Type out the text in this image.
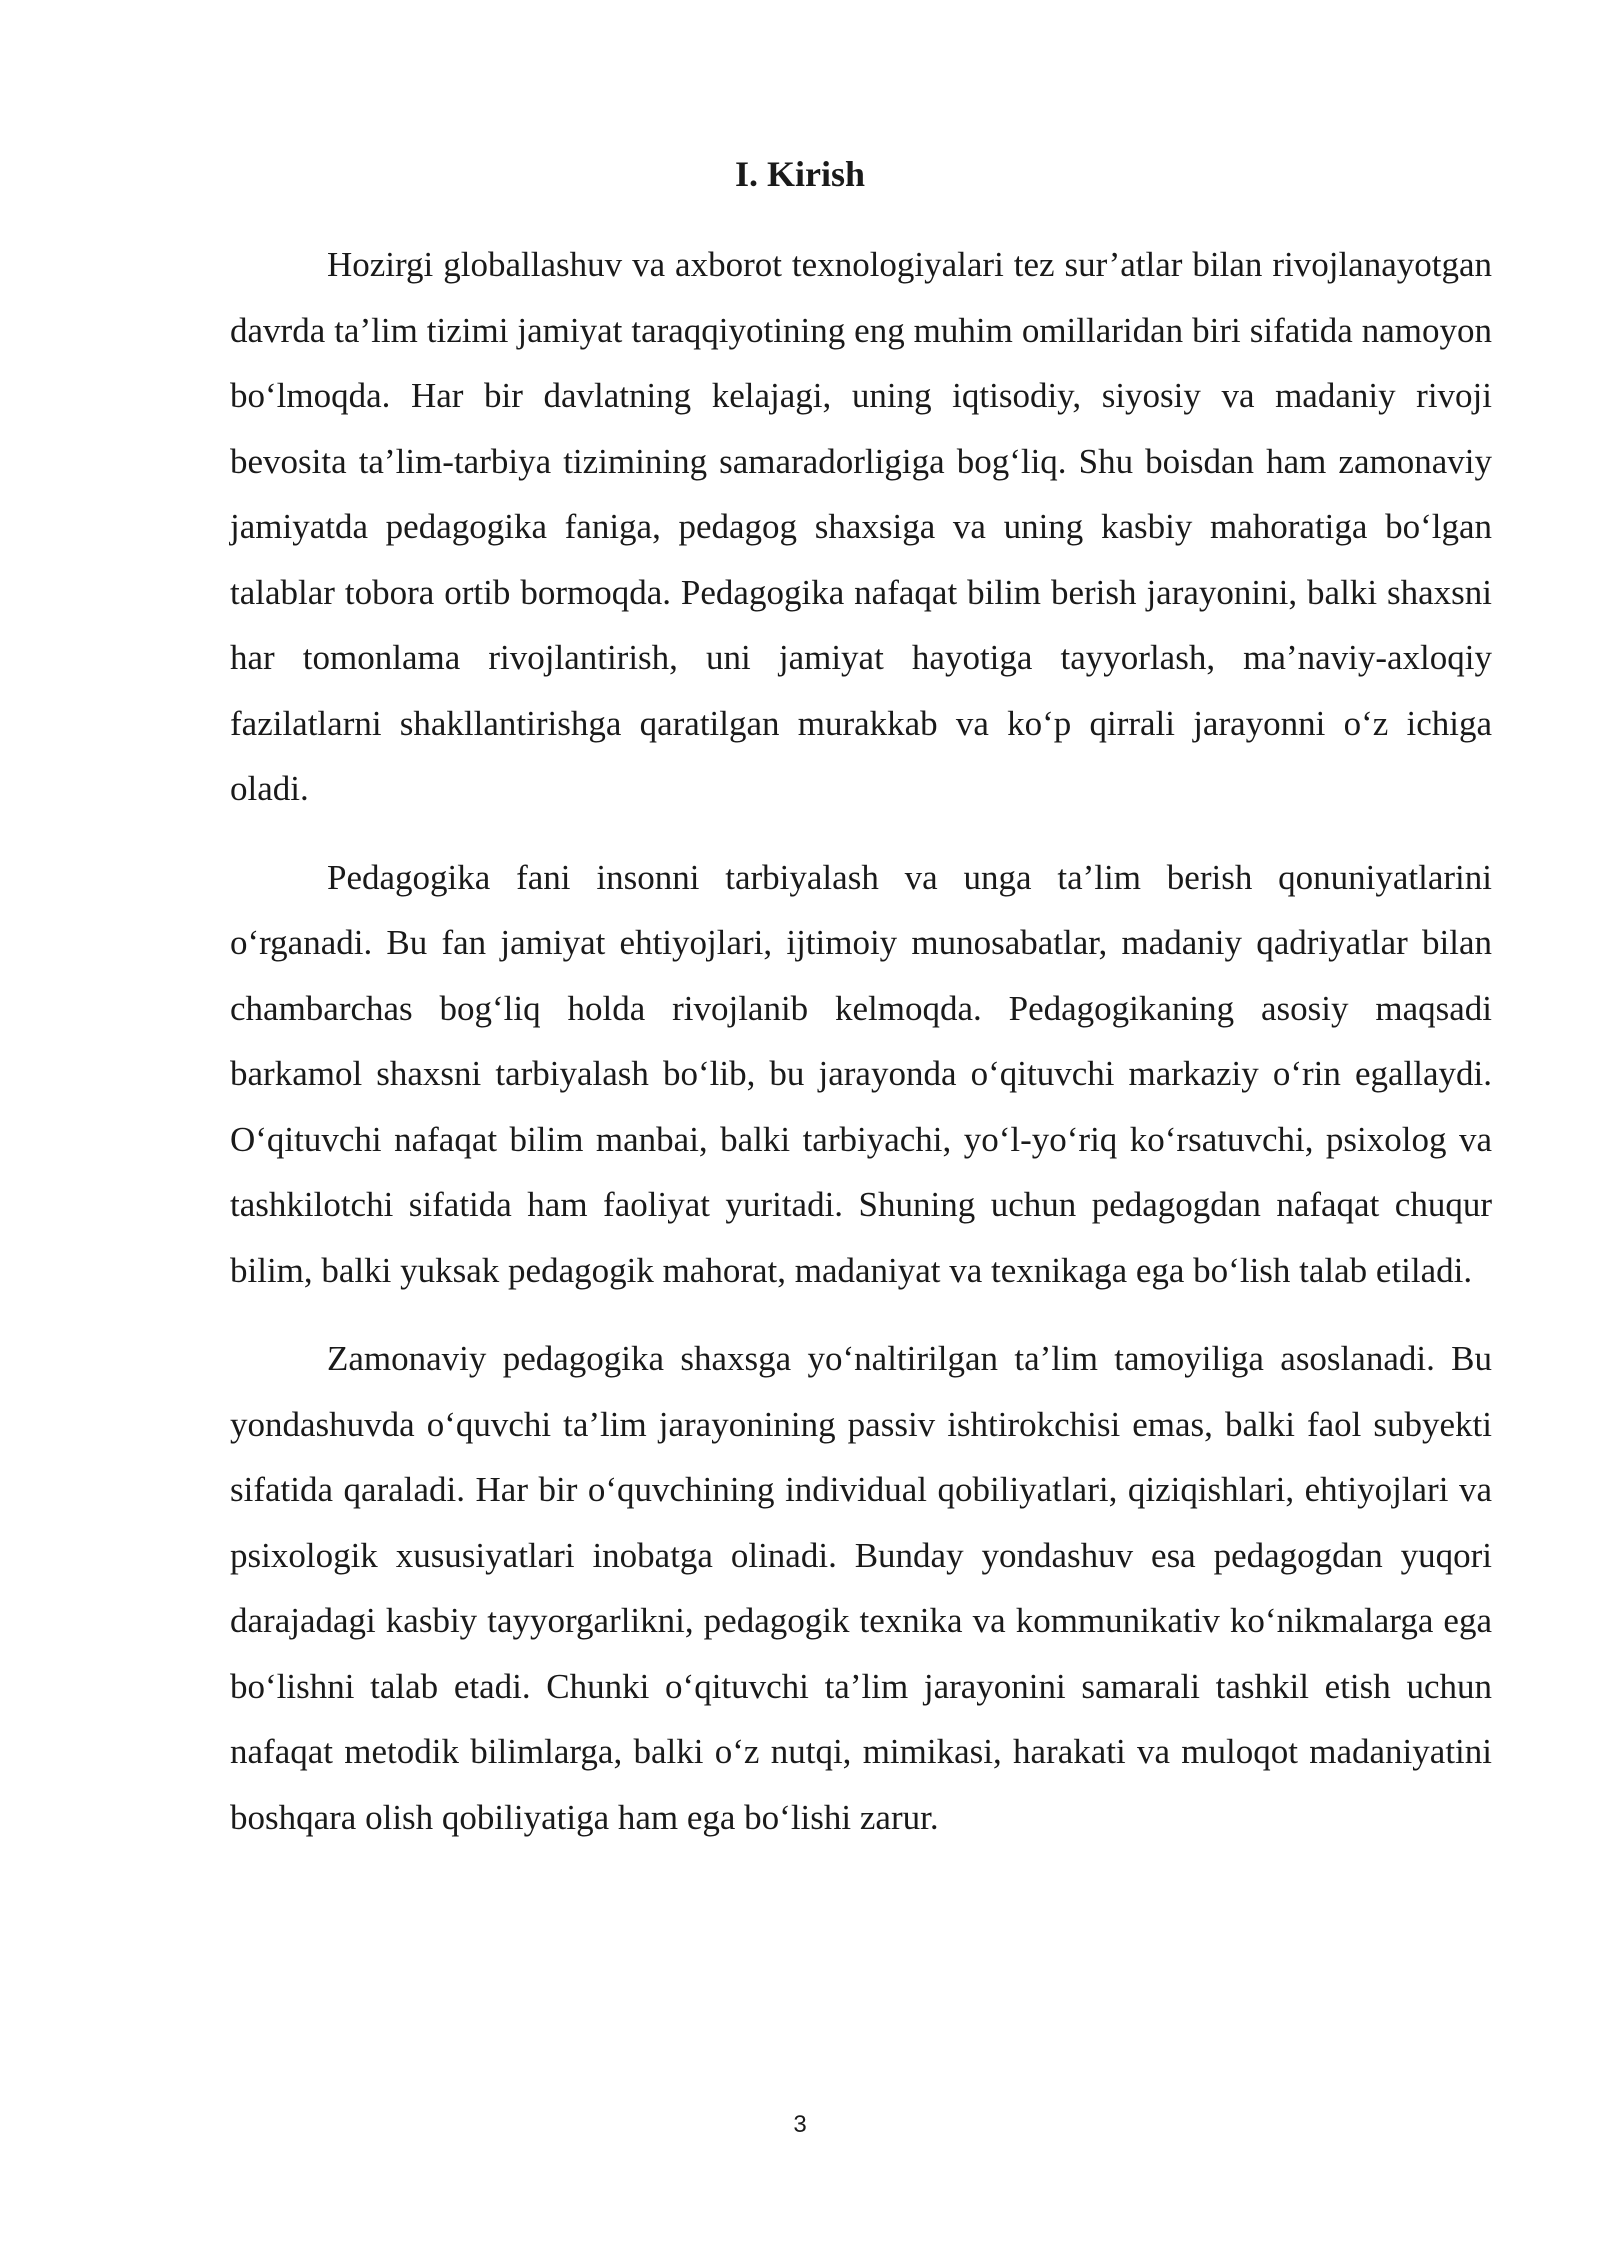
I. Kirish

Hozirgi globallashuv va axborot texnologiyalari tez sur’atlar bilan rivojlanayotgan davrda ta’lim tizimi jamiyat taraqqiyotining eng muhim omillaridan biri sifatida namoyon bo‘lmoqda. Har bir davlatning kelajagi, uning iqtisodiy, siyosiy va madaniy rivoji bevosita ta’lim-tarbiya tizimining samaradorligiga bog‘liq. Shu boisdan ham zamonaviy jamiyatda pedagogika faniga, pedagog shaxsiga va uning kasbiy mahoratiga bo‘lgan talablar tobora ortib bormoqda. Pedagogika nafaqat bilim berish jarayonini, balki shaxsni har tomonlama rivojlantirish, uni jamiyat hayotiga tayyorlash, ma’naviy-axloqiy fazilatlarni shakllantirishga qaratilgan murakkab va ko‘p qirrali jarayonni o‘z ichiga oladi.

Pedagogika fani insonni tarbiyalash va unga ta’lim berish qonuniyatlarini o‘rganadi. Bu fan jamiyat ehtiyojlari, ijtimoiy munosabatlar, madaniy qadriyatlar bilan chambarchas bog‘liq holda rivojlanib kelmoqda. Pedagogikaning asosiy maqsadi barkamol shaxsni tarbiyalash bo‘lib, bu jarayonda o‘qituvchi markaziy o‘rin egallaydi. O‘qituvchi nafaqat bilim manbai, balki tarbiyachi, yo‘l-yo‘riq ko‘rsatuvchi, psixolog va tashkilotchi sifatida ham faoliyat yuritadi. Shuning uchun pedagogdan nafaqat chuqur bilim, balki yuksak pedagogik mahorat, madaniyat va texnikaga ega bo‘lish talab etiladi.

Zamonaviy pedagogika shaxsga yo‘naltirilgan ta’lim tamoyiliga asoslanadi. Bu yondashuvda o‘quvchi ta’lim jarayonining passiv ishtirokchisi emas, balki faol subyekti sifatida qaraladi. Har bir o‘quvchining individual qobiliyatlari, qiziqishlari, ehtiyojlari va psixologik xususiyatlari inobatga olinadi. Bunday yondashuv esa pedagogdan yuqori darajadagi kasbiy tayyorgarlikni, pedagogik texnika va kommunikativ ko‘nikmalarga ega bo‘lishni talab etadi. Chunki o‘qituvchi ta’lim jarayonini samarali tashkil etish uchun nafaqat metodik bilimlarga, balki o‘z nutqi, mimikasi, harakati va muloqot madaniyatini boshqara olish qobiliyatiga ham ega bo‘lishi zarur.

3
